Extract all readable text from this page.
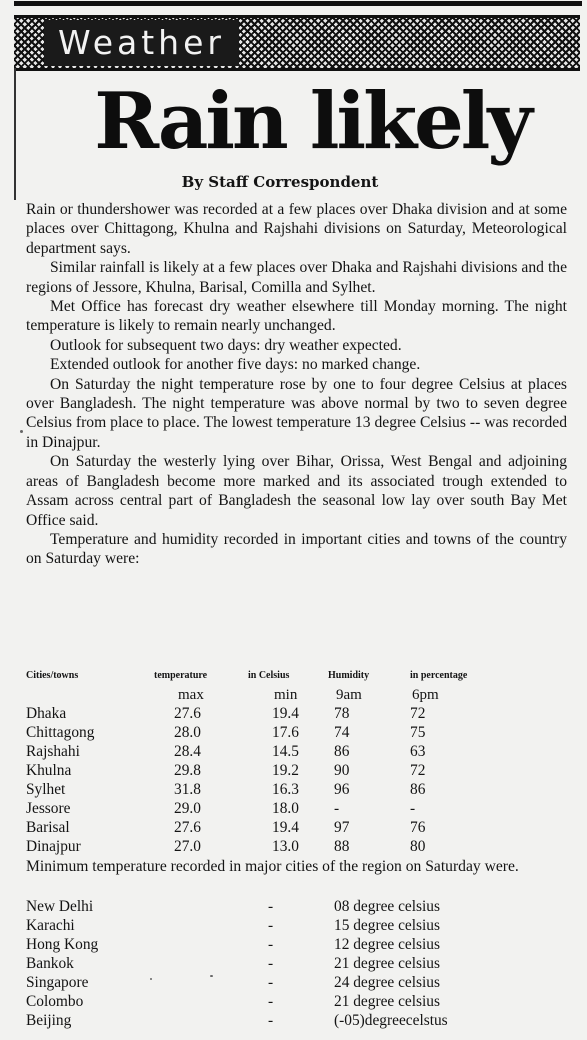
Weather
Rain likely
By Staff Correspondent

Rain or thundershower was recorded at a few places over Dhaka division and at some places over Chittagong, Khulna and Rajshahi divisions on Saturday, Meteorological department says.

Similar rainfall is likely at a few places over Dhaka and Rajshahi divisions and the regions of Jessore, Khulna, Barisal, Comilla and Sylhet.

Met Office has forecast dry weather elsewhere till Monday morning. The night temperature is likely to remain nearly unchanged.

Outlook for subsequent two days: dry weather expected.

Extended outlook for another five days: no marked change.

On Saturday the night temperature rose by one to four degree Celsius at places over Bangladesh. The night temperature was above normal by two to seven degree Celsius from place to place. The lowest temperature 13 degree Celsius -- was recorded in Dinajpur.

On Saturday the westerly lying over Bihar, Orissa, West Bengal and adjoining areas of Bangladesh become more marked and its associated trough extended to Assam across central part of Bangladesh the seasonal low lay over south Bay Met Office said.

Temperature and humidity recorded in important cities and towns of the country on Saturday were:

Cities/towns	temperature	in Celsius	Humidity	in percentage
max	min	9am	6pm
Dhaka	27.6	19.4 78	72
Chittagong	28.0	17.6 74	75
Rajshahi	28.4	14.5 86	63
Khulna	29.8	19.2 90	72
Sylhet	31.8	16.3 96	86
Jessore	29.0	18.0 -	-
Barisal	27.6	19.4 97	76
Dinajpur	27.0	13.0 88	80
Minimum temperature recorded in major cities of the region on Saturday were.
New Delhi	-	08 degree celsius
Karachi	-	15 degree celsius
Hong Kong	-	12 degree celsius
Bankok	-	21 degree celsius
Singapore	-	24 degree celsius
Colombo	-	21 degree celsius
Beijing	-	(-05)degreecelstus
